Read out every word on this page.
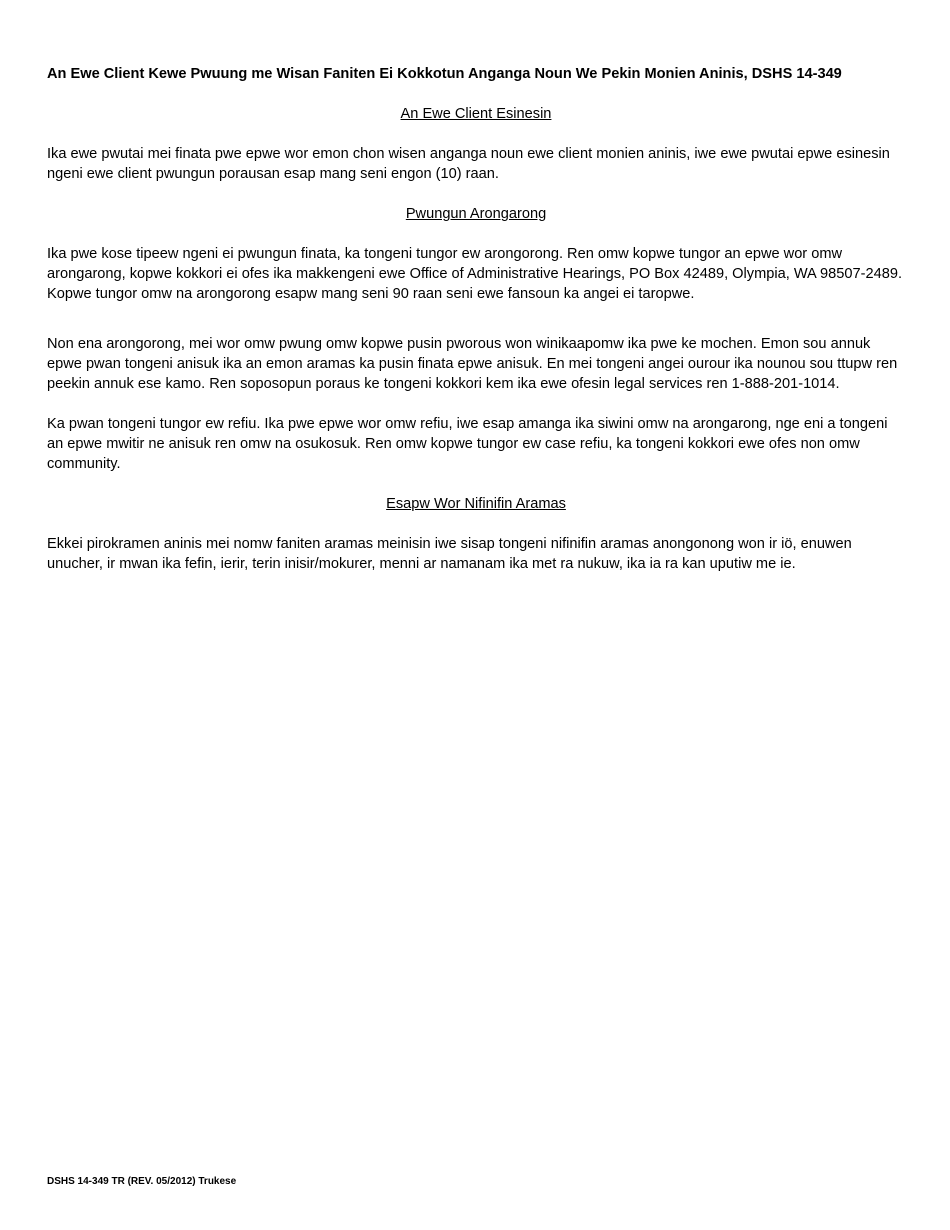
An Ewe Client Kewe Pwuung me Wisan Faniten Ei Kokkotun Anganga Noun We Pekin Monien Aninis, DSHS 14-349
An Ewe Client Esinesin
Ika ewe pwutai mei finata pwe epwe wor emon chon wisen anganga noun ewe client monien aninis, iwe ewe pwutai epwe esinesin ngeni ewe client pwungun porausan esap mang seni engon (10) raan.
Pwungun Arongarong
Ika pwe kose tipeew ngeni ei pwungun finata, ka tongeni tungor ew arongorong. Ren omw kopwe tungor an epwe wor omw arongarong, kopwe kokkori ei ofes ika makkengeni ewe Office of Administrative Hearings, PO Box 42489, Olympia, WA 98507-2489. Kopwe tungor omw na arongorong esapw mang seni 90 raan seni ewe fansoun ka angei ei taropwe.
Non ena arongorong, mei wor omw pwung omw kopwe pusin pworous won winikaapomw ika pwe ke mochen. Emon sou annuk epwe pwan tongeni anisuk ika an emon aramas ka pusin finata epwe anisuk. En mei tongeni angei ourour ika nounou sou ttupw ren peekin annuk ese kamo. Ren soposopun poraus ke tongeni kokkori kem ika ewe ofesin legal services ren 1-888-201-1014.
Ka pwan tongeni tungor ew refiu. Ika pwe epwe wor omw refiu, iwe esap amanga ika siwini omw na arongarong, nge eni a tongeni an epwe mwitir ne anisuk ren omw na osukosuk. Ren omw kopwe tungor ew case refiu, ka tongeni kokkori ewe ofes non omw community.
Esapw Wor Nifinifin Aramas
Ekkei pirokramen aninis mei nomw faniten aramas meinisin iwe sisap tongeni nifinifin aramas anongonong won ir iö, enuwen unucher, ir mwan ika fefin, ierir, terin inisir/mokurer, menni ar namanam ika met ra nukuw, ika ia ra kan uputiw me ie.
DSHS 14-349 TR (REV. 05/2012) Trukese
